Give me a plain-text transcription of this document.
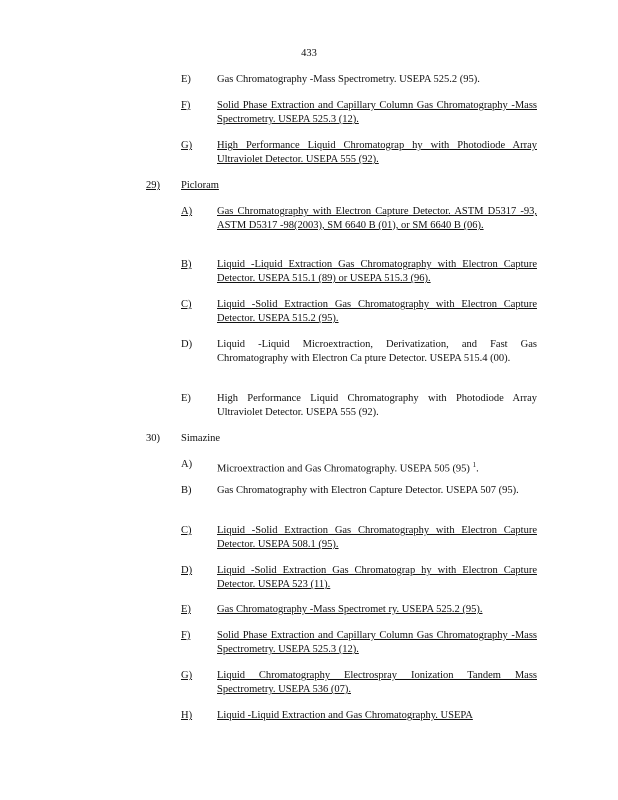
433
E)	Gas Chromatography -Mass Spectrometry. USEPA 525.2 (95).
F)	Solid Phase Extraction and Capillary Column Gas Chromatography -Mass Spectrometry. USEPA 525.3 (12).
G)	High Performance Liquid Chromatograp hy with Photodiode Array Ultraviolet Detector. USEPA 555 (92).
29)	Picloram
A)	Gas Chromatography with Electron Capture Detector. ASTM D5317 -93, ASTM D5317 -98(2003), SM 6640 B (01), or SM 6640 B (06).
B)	Liquid -Liquid Extraction Gas Chromatography with Electron Capture Detector. USEPA 515.1 (89) or USEPA 515.3 (96).
C)	Liquid -Solid Extraction Gas Chromatography with Electron Capture Detector. USEPA 515.2 (95).
D)	Liquid -Liquid Microextraction, Derivatization, and Fast Gas Chromatography with Electron Ca pture Detector. USEPA 515.4 (00).
E)	High Performance Liquid Chromatography with Photodiode Array Ultraviolet Detector. USEPA 555 (92).
30)	Simazine
A)	Microextraction and Gas Chromatography. USEPA 505 (95) $^1$.
B)	Gas Chromatography with Electron Capture Detector. USEPA 507 (95).
C)	Liquid -Solid Extraction Gas Chromatography with Electron Capture Detector. USEPA 508.1 (95).
D)	Liquid -Solid Extraction Gas Chromatograp hy with Electron Capture Detector. USEPA 523 (11).
E)	Gas Chromatography -Mass Spectromet ry. USEPA 525.2 (95).
F)	Solid Phase Extraction and Capillary Column Gas Chromatography -Mass Spectrometry. USEPA 525.3 (12).
G)	Liquid Chromatography Electrospray Ionization Tandem Mass Spectrometry. USEPA 536 (07).
H)	Liquid -Liquid Extraction and Gas Chromatography. USEPA
